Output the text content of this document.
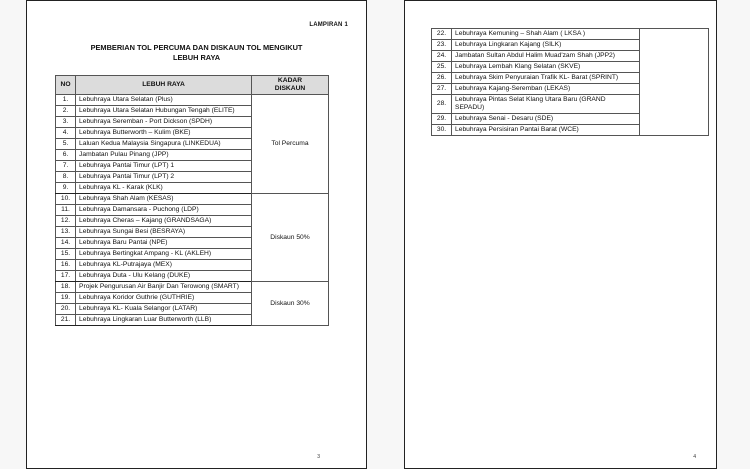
LAMPIRAN 1
PEMBERIAN TOL PERCUMA DAN DISKAUN TOL MENGIKUT
LEBUH RAYA
NO	LEBUH RAYA	KADAR
DISKAUN

1.	Lebuhraya Utara Selatan (Plus)	Tol Percuma
2.	Lebuhraya Utara Selatan Hubungan Tengah (ELITE)	
3.	Lebuhraya Seremban - Port Dickson (SPDH)	
4.	Lebuhraya Butterworth – Kulim (BKE)	
5.	Laluan Kedua Malaysia Singapura (LINKEDUA)	
6.	Jambatan Pulau Pinang (JPP)	
7.	Lebuhraya Pantai Timur (LPT) 1	
8.	Lebuhraya Pantai Timur (LPT) 2	
9.	Lebuhraya KL - Karak (KLK)	
10.	Lebuhraya Shah Alam (KESAS)	Diskaun 50%
11.	Lebuhraya Damansara - Puchong (LDP)	
12.	Lebuhraya Cheras – Kajang (GRANDSAGA)	
13.	Lebuhraya Sungai Besi (BESRAYA)	
14.	Lebuhraya Baru Pantai (NPE)	
15.	Lebuhraya Bertingkat Ampang - KL (AKLEH)	
16.	Lebuhraya KL-Putrajaya (MEX)	
17.	Lebuhraya Duta - Ulu Kelang (DUKE)	
18.	Projek Pengurusan Air Banjir Dan Terowong (SMART)	Diskaun 30%
19.	Lebuhraya Koridor Guthrie (GUTHRIE)	
20.	Lebuhraya KL- Kuala Selangor (LATAR)	
21.	Lebuhraya Lingkaran Luar Butterworth (LLB)	
3
22.	Lebuhraya Kemuning – Shah Alam ( LKSA )	
23.	Lebuhraya Lingkaran Kajang (SILK)	
24.	Jambatan Sultan Abdul Halim Muad'zam Shah (JPP2)	
25.	Lebuhraya Lembah Klang Selatan (SKVE)	
26.	Lebuhraya Skim Penyuraian Trafik KL- Barat (SPRINT)	
27.	Lebuhraya Kajang-Seremban (LEKAS)	
28.	Lebuhraya Pintas Selat Klang Utara Baru (GRAND SEPADU)	
29.	Lebuhraya Senai - Desaru (SDE)	
30.	Lebuhraya Persisiran Pantai Barat (WCE)	
4
